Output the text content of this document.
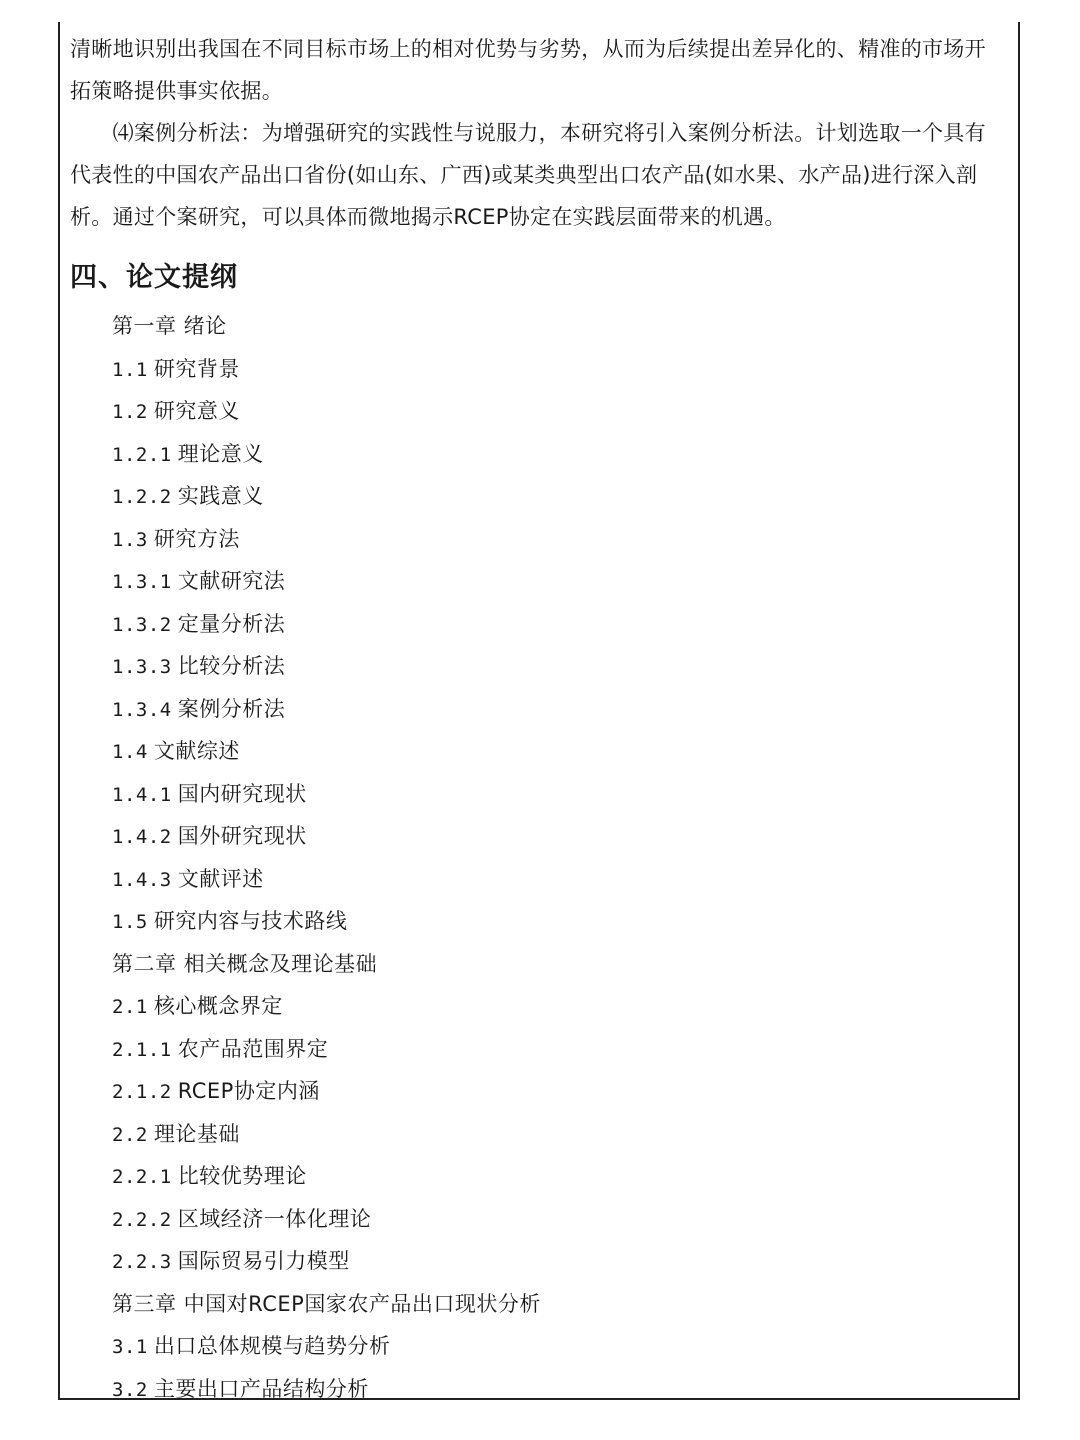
清晰地识别出我国在不同目标市场上的相对优势与劣势，从而为后续提出差异化的、精准的市场开

拓策略提供事实依据。

　　⑷案例分析法：为增强研究的实践性与说服力，本研究将引入案例分析法。计划选取一个具有

代表性的中国农产品出口省份(如山东、广西)或某类典型出口农产品(如水果、水产品)进行深入剖

析。通过个案研究，可以具体而微地揭示RCEP协定在实践层面带来的机遇。

四、论文提纲
第一章 绪论
1.1 研究背景
1.2 研究意义
1.2.1 理论意义
1.2.2 实践意义
1.3 研究方法
1.3.1 文献研究法
1.3.2 定量分析法
1.3.3 比较分析法
1.3.4 案例分析法
1.4 文献综述
1.4.1 国内研究现状
1.4.2 国外研究现状
1.4.3 文献评述
1.5 研究内容与技术路线
第二章 相关概念及理论基础
2.1 核心概念界定
2.1.1 农产品范围界定
2.1.2 RCEP协定内涵
2.2 理论基础
2.2.1 比较优势理论
2.2.2 区域经济一体化理论
2.2.3 国际贸易引力模型
第三章 中国对RCEP国家农产品出口现状分析
3.1 出口总体规模与趋势分析
3.2 主要出口产品结构分析
